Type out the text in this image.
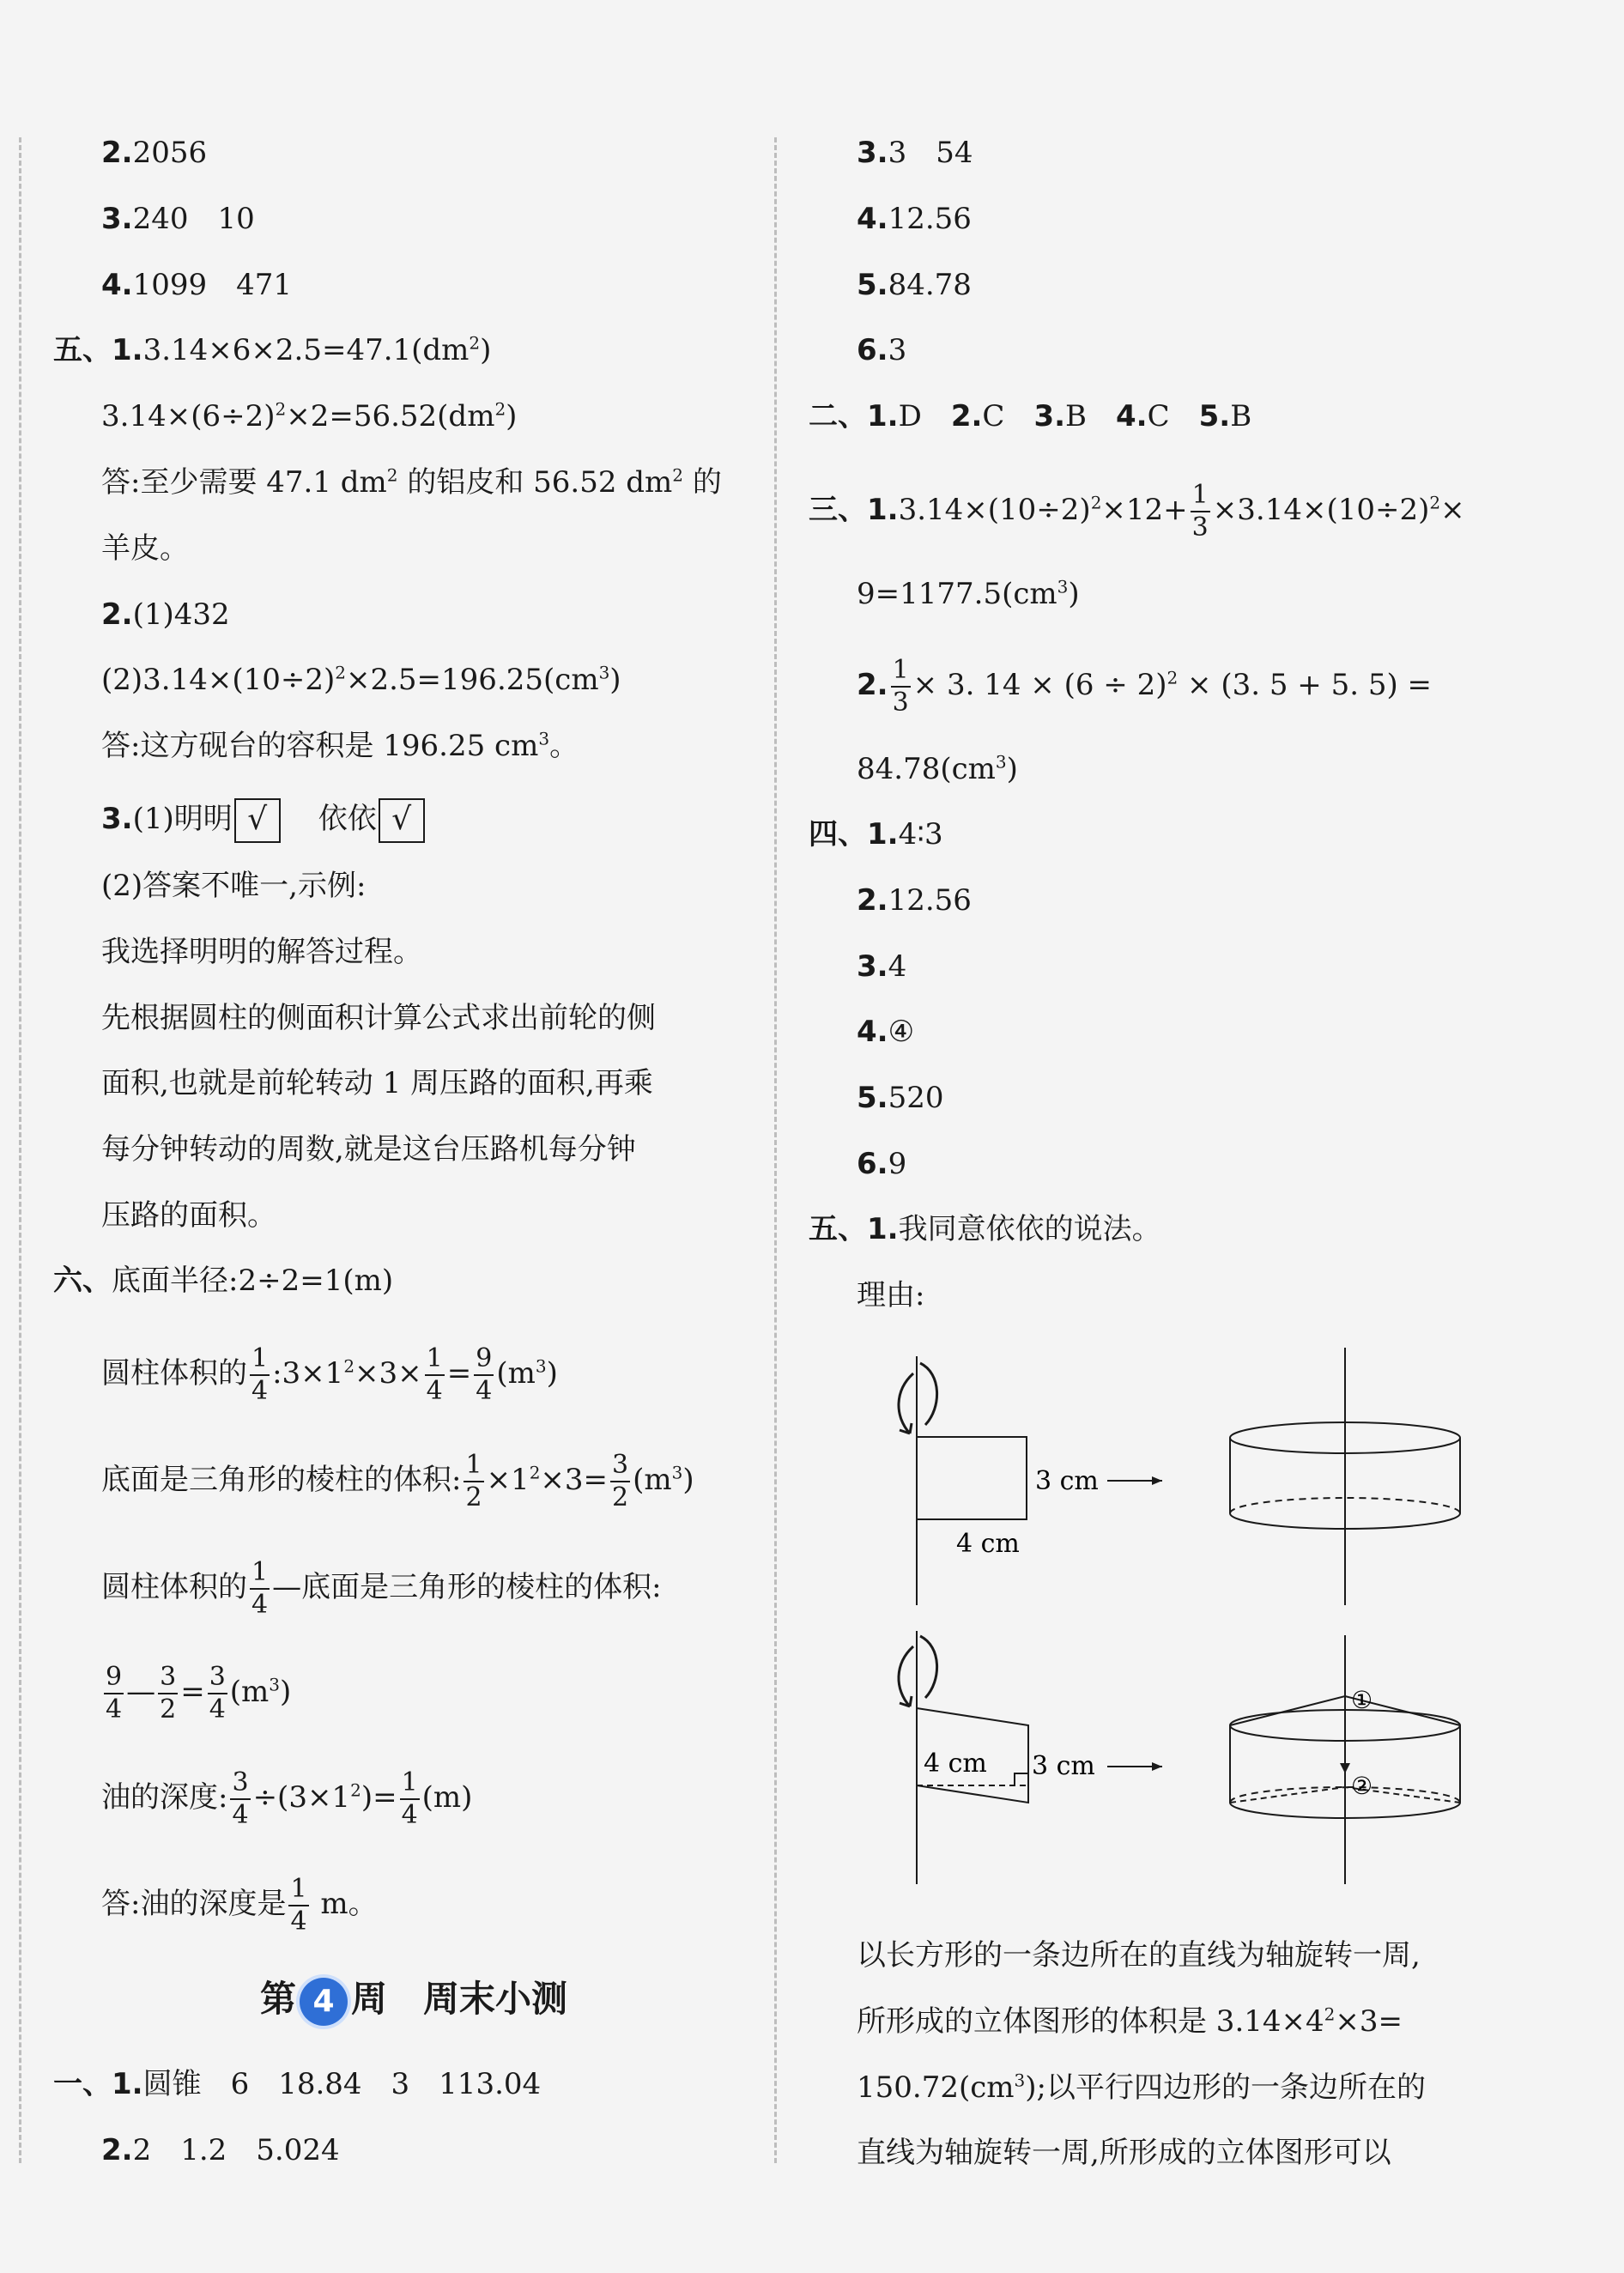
2.2056
3.240　 10
4.1099　 471
五、$1.3.14\times 6\times 2.5=47.1(dm^2)$
$3.14\times(6\div 2)^2\times 2=56.52(dm^2)$
答:至少需要 47.1 $dm^2$ 的铝皮和 56.52 $dm^2$ 的
羊皮。
2.(1)432
$(2)3.14\times(10\div 2)^2\times 2.5=196.25(cm^3)$
答:这方砚台的容积是 196.25 $cm^3$。
3.(1)明明 √　 依依 √
(2)答案不唯一,示例:
我选择明明的解答过程。
先根据圆柱的侧面积计算公式求出前轮的侧
面积,也就是前轮转动 1 周压路的面积,再乘
每分钟转动的周数,就是这台压路机每分钟
压路的面积。
六、底面半径:2÷2=1(m)
圆柱体积的 $\frac{1}{4}$ $:3\times 1^2\times 3\times \frac{1}{4} = \frac{9}{4} (m^3)$
底面是三角形的棱柱的体积: $\frac{1}{2} \times 1^2\times 3= \frac{3}{2} (m^3)$
圆柱体积的 $\frac{1}{4}$ —底面是三角形的棱柱的体积:
$\frac{9}{4}$ — $\frac{3}{2} = \frac{3}{4} (m^3)$
油的深度: $\frac{3}{4} \div(3\times 1^2)= \frac{1}{4} (m)$
答:油的深度是 $\frac{1}{4}$ m。
第 4 周　周末小测
一、1.圆锥　6　18.84　3　113.04
2.2　1.2　5.024
3.3　54
4.12.56
5.84.78
6.3
二、1.D　 2.C　 3.B　 4.C　 5.B
三、$1.3.14\times(10\div 2)^2\times 12+ \frac{1}{3} \times 3.14\times(10\div 2)^2\times$
$9=1177.5(cm^3)$
2. $\frac{1}{3} \times 3$. $14 \times (6 \div 2)^2 \times (3$. 5 + 5. 5) =
$84.78(cm^3)$
四、1.4∶3
2.12.56
3.4
4.④
5.520
6.9
五、1.我同意依依的说法。
理由:
3 cm
4 cm
4 cm 3 cm
①
②
以长方形的一条边所在的直线为轴旋转一周,
所形成的立体图形的体积是 $3.14\times 4^2\times 3=$
$150.72(cm^3)$;以平行四边形的一条边所在的
直线为轴旋转一周,所形成的立体图形可以
